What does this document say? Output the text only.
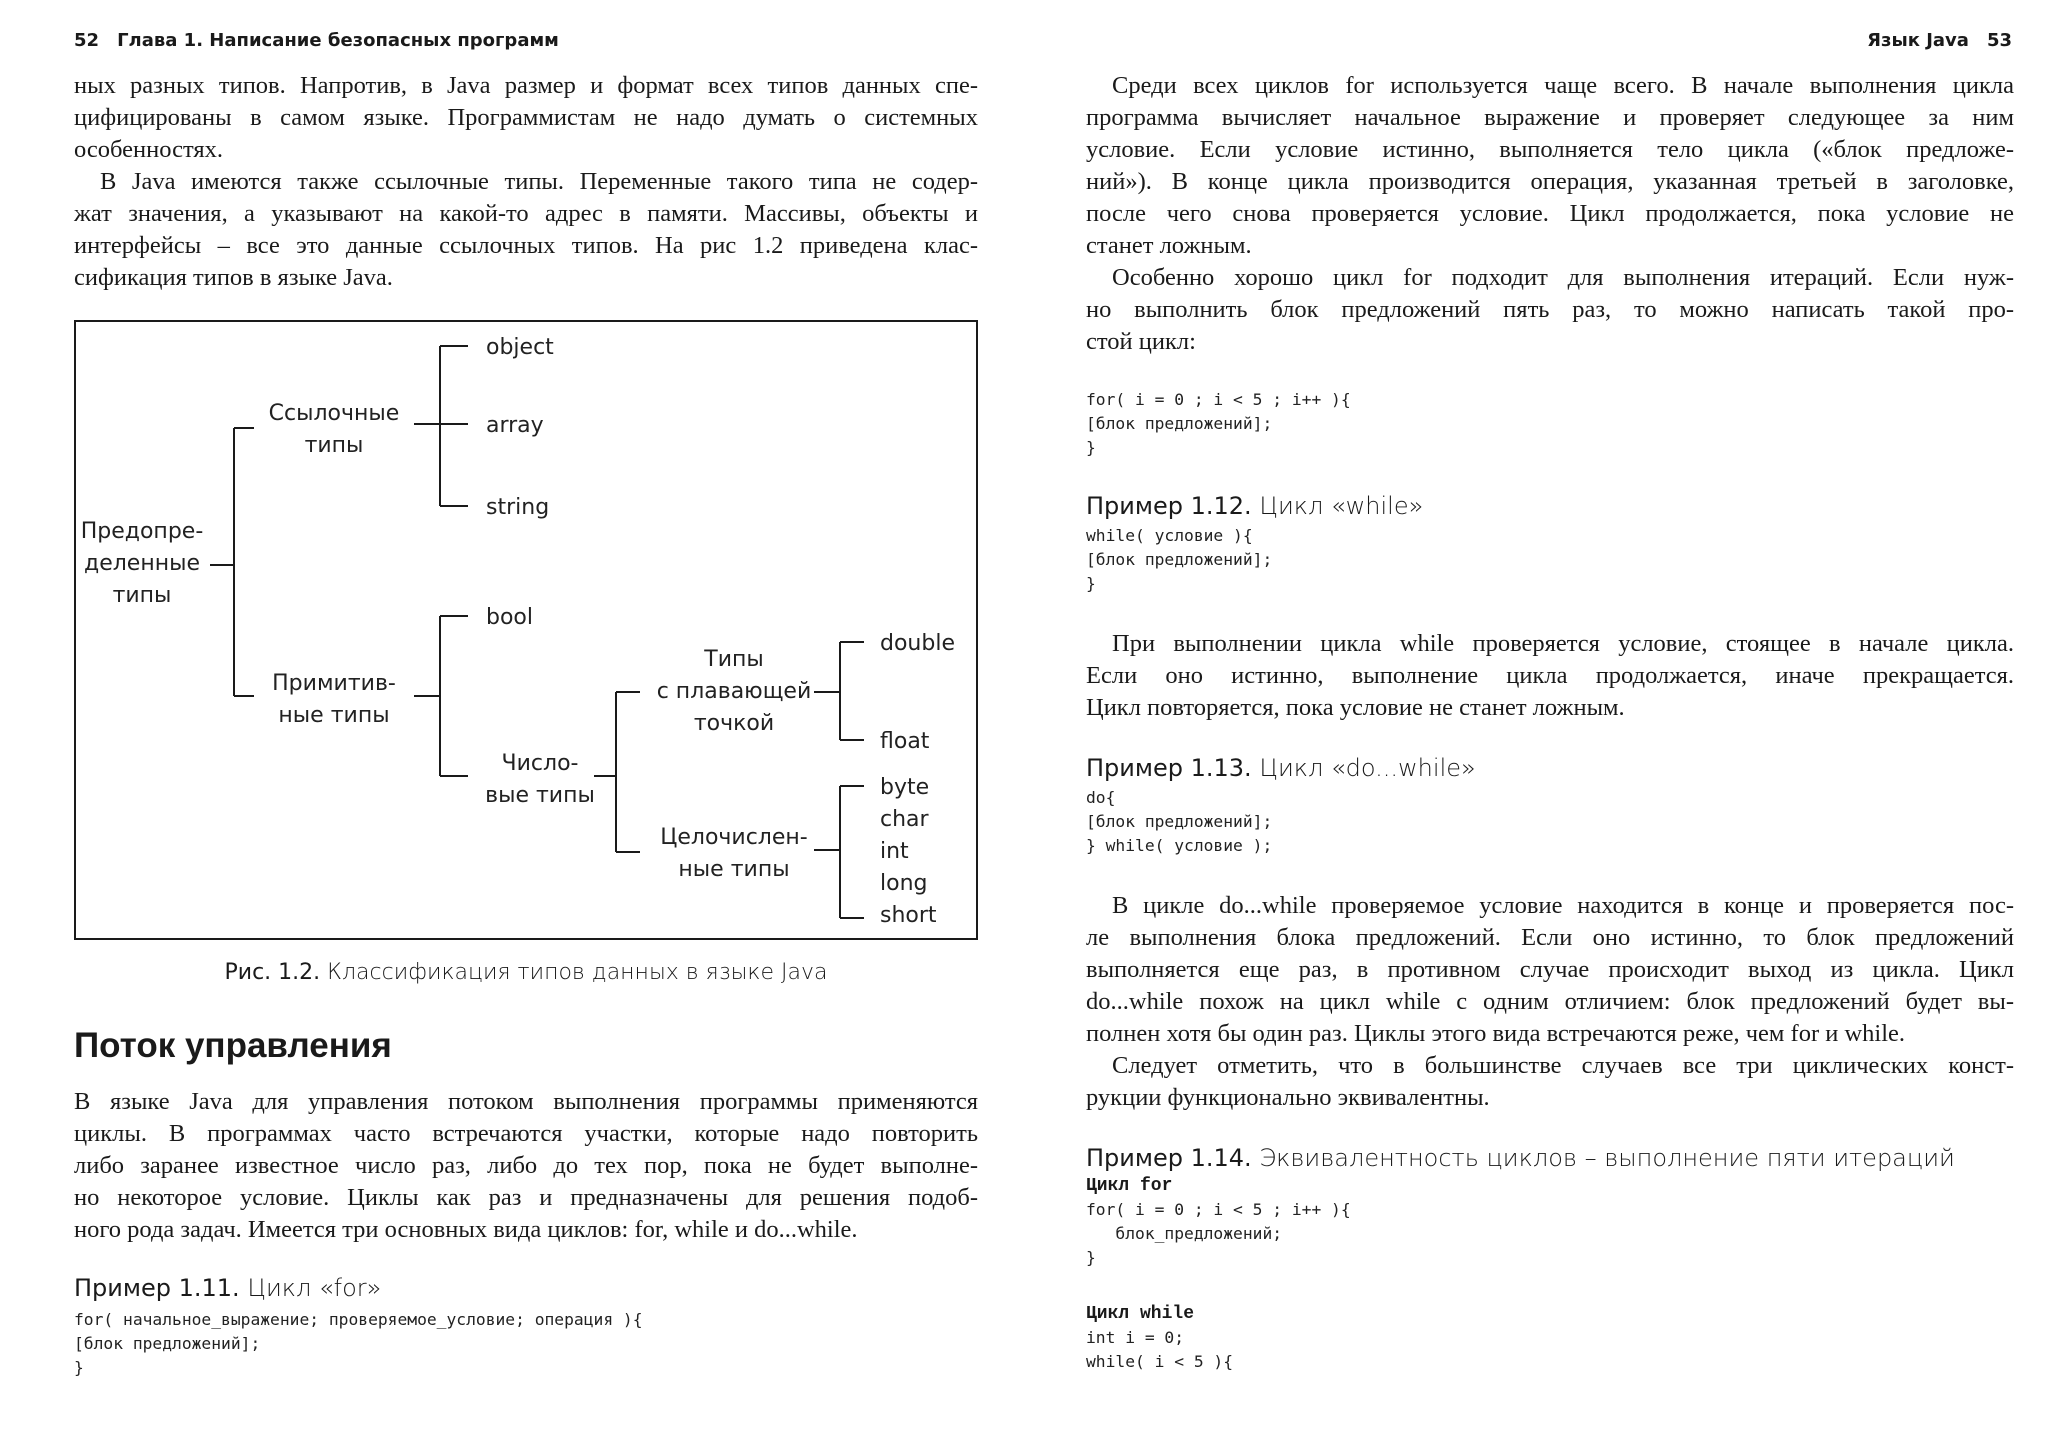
52 Глава 1. Написание безопасных программ

ных разных типов. Напротив, в Java размер и формат всех типов данных спе-

цифицированы в самом языке. Программистам не надо думать о системных

особенностях.

В Java имеются также ссылочные типы. Переменные такого типа не содер-

жат значения, а указывают на какой-то адрес в памяти. Массивы, объекты и

интерфейсы – все это данные ссылочных типов. На рис 1.2 приведена клас-

сификация типов в языке Java.

Предопре-
деленные
типы
Ссылочные
типы
object
array
string
Примитив-
ные типы
bool
Число-
вые типы
Типы
с плавающей
точкой
double
float
Целочислен-
ные типы
byte
char
int
long
short
Рис. 1.2. Классификация типов данных в языке Java
Поток управления

В языке Java для управления потоком выполнения программы применяются

циклы. В программах часто встречаются участки, которые надо повторить

либо заранее известное число раз, либо до тех пор, пока не будет выполне-

но некоторое условие. Циклы как раз и предназначены для решения подоб-

ного рода задач. Имеется три основных вида циклов: for, while и do...while.

Пример 1.11. Цикл «for»

for( начальное_выражение; проверяемое_условие; операция ){
[блок предложений];
}
Язык Java 53

Среди всех циклов for используется чаще всего. В начале выполнения цикла

программа вычисляет начальное выражение и проверяет следующее за ним

условие. Если условие истинно, выполняется тело цикла («блок предложе-

ний»). В конце цикла производится операция, указанная третьей в заголовке,

после чего снова проверяется условие. Цикл продолжается, пока условие не

станет ложным.

Особенно хорошо цикл for подходит для выполнения итераций. Если нуж-

но выполнить блок предложений пять раз, то можно написать такой про-

стой цикл:

for( i = 0 ; i < 5 ; i++ ){
[блок предложений];
}

Пример 1.12. Цикл «while»

while( условие ){
[блок предложений];
}

При выполнении цикла while проверяется условие, стоящее в начале цикла.

Если оно истинно, выполнение цикла продолжается, иначе прекращается.

Цикл повторяется, пока условие не станет ложным.

Пример 1.13. Цикл «do...while»

do{
[блок предложений];
} while( условие );

В цикле do...while проверяемое условие находится в конце и проверяется пос-

ле выполнения блока предложений. Если оно истинно, то блок предложений

выполняется еще раз, в противном случае происходит выход из цикла. Цикл

do...while похож на цикл while с одним отличием: блок предложений будет вы-

полнен хотя бы один раз. Циклы этого вида встречаются реже, чем for и while.

Следует отметить, что в большинстве случаев все три циклических конст-

рукции функционально эквивалентны.

Пример 1.14. Эквивалентность циклов – выполнение пяти итераций

Цикл for
for( i = 0 ; i < 5 ; i++ ){
блок_предложений;
}
Цикл while
int i = 0;
while( i < 5 ){
